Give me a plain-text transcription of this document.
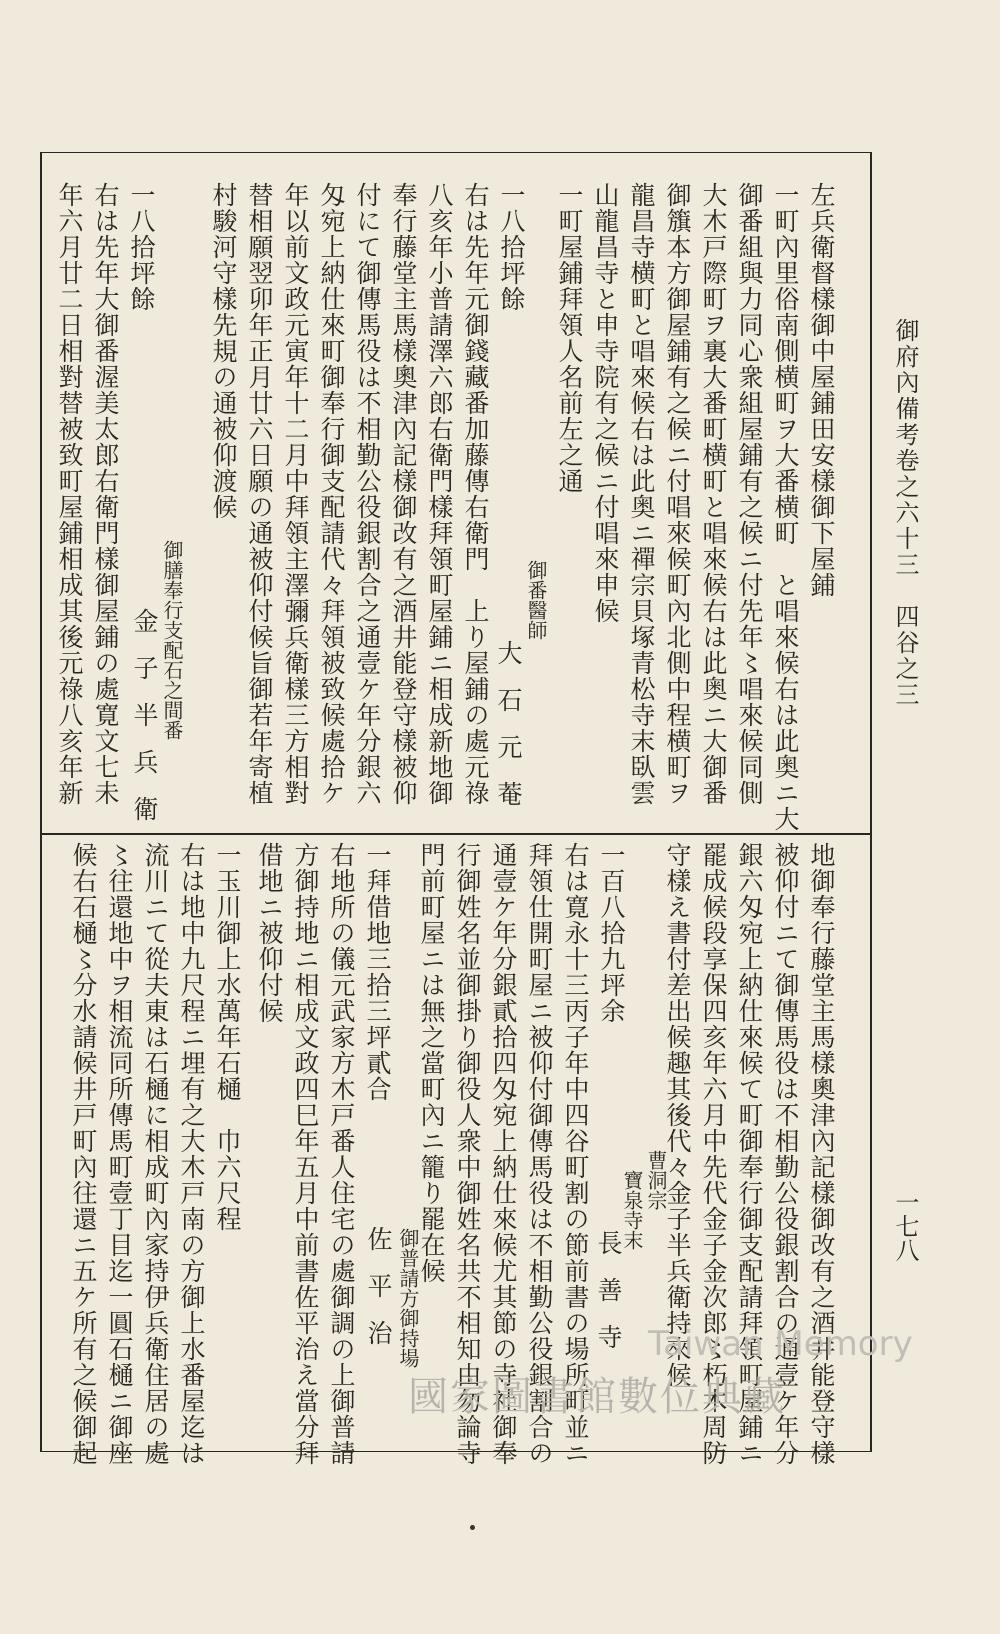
御府內備考卷之六十三　四谷之三
一七八
左兵衛督樣御中屋鋪田安樣御下屋鋪
一町內里俗南側横町ヲ大番横町　と唱來候右は此奥ニ大
御番組與力同心衆組屋鋪有之候ニ付先年〻唱來候同側
大木戸際町ヲ裏大番町横町と唱來候右は此奥ニ大御番
御籏本方御屋鋪有之候ニ付唱來候町內北側中程横町ヲ
龍昌寺横町と唱來候右は此奥ニ禪宗貝塚青松寺末臥雲
山龍昌寺と申寺院有之候ニ付唱來申候
一町屋鋪拜領人名前左之通
一八拾坪餘
御番醫師
大石元菴
右は先年元御錢藏番加藤傳右衛門　上り屋鋪の處元祿
八亥年小普請澤六郎右衛門樣拜領町屋鋪ニ相成新地御
奉行藤堂主馬樣奧津內記樣御改有之酒井能登守樣被仰
付にて御傳馬役は不相勤公役銀割合之通壹ケ年分銀六
匁宛上納仕來町御奉行御支配請代々拜領被致候處拾ケ
年以前文政元寅年十二月中拜領主澤彌兵衛樣三方相對
替相願翌卯年正月廿六日願の通被仰付候旨御若年寄植
村駿河守樣先規の通被仰渡候
御膳奉行支配石之間番
金子半兵衛
一八拾坪餘
右は先年大御番渥美太郎右衛門樣御屋鋪の處寛文七未
年六月廿二日相對替被致町屋鋪相成其後元祿八亥年新
地御奉行藤堂主馬樣奧津內記樣御改有之酒井能登守樣
被仰付ニて御傳馬役は不相勤公役銀割合の通壹ケ年分
銀六匁宛上納仕來候て町御奉行御支配請拜領町屋鋪ニ
罷成候段享保四亥年六月中先代金子金次郎〻朽木周防
守樣え書付差出候趣其後代々金子半兵衛持來候
曹洞宗
寶泉寺末
長善寺
一百八拾九坪余
右は寛永十三丙子年中四谷町割の節前書の場所町並ニ
拜領仕開町屋ニ被仰付御傳馬役は不相勤公役銀割合の
通壹ケ年分銀貳拾四匁宛上納仕來候尤其節の寺社御奉
行御姓名並御掛り御役人衆中御姓名共不相知由勿論寺
門前町屋ニは無之當町內ニ籠り罷在候
御普請方御持場
佐平治
一拜借地三拾三坪貳合
右地所の儀元武家方木戸番人住宅の處御調の上御普請
方御持地ニ相成文政四巳年五月中前書佐平治え當分拜
借地ニ被仰付候
一玉川御上水萬年石樋　巾六尺程
右は地中九尺程ニ埋有之大木戸南の方御上水番屋迄は
流川ニて從夫東は石樋に相成町內家持伊兵衛住居の處
〻往還地中ヲ相流同所傳馬町壹丁目迄一圓石樋ニ御座
候右石樋〻分水請候井戸町內往還ニ五ケ所有之候御起	Taiwan Memory
國家圖書館數位典藏
